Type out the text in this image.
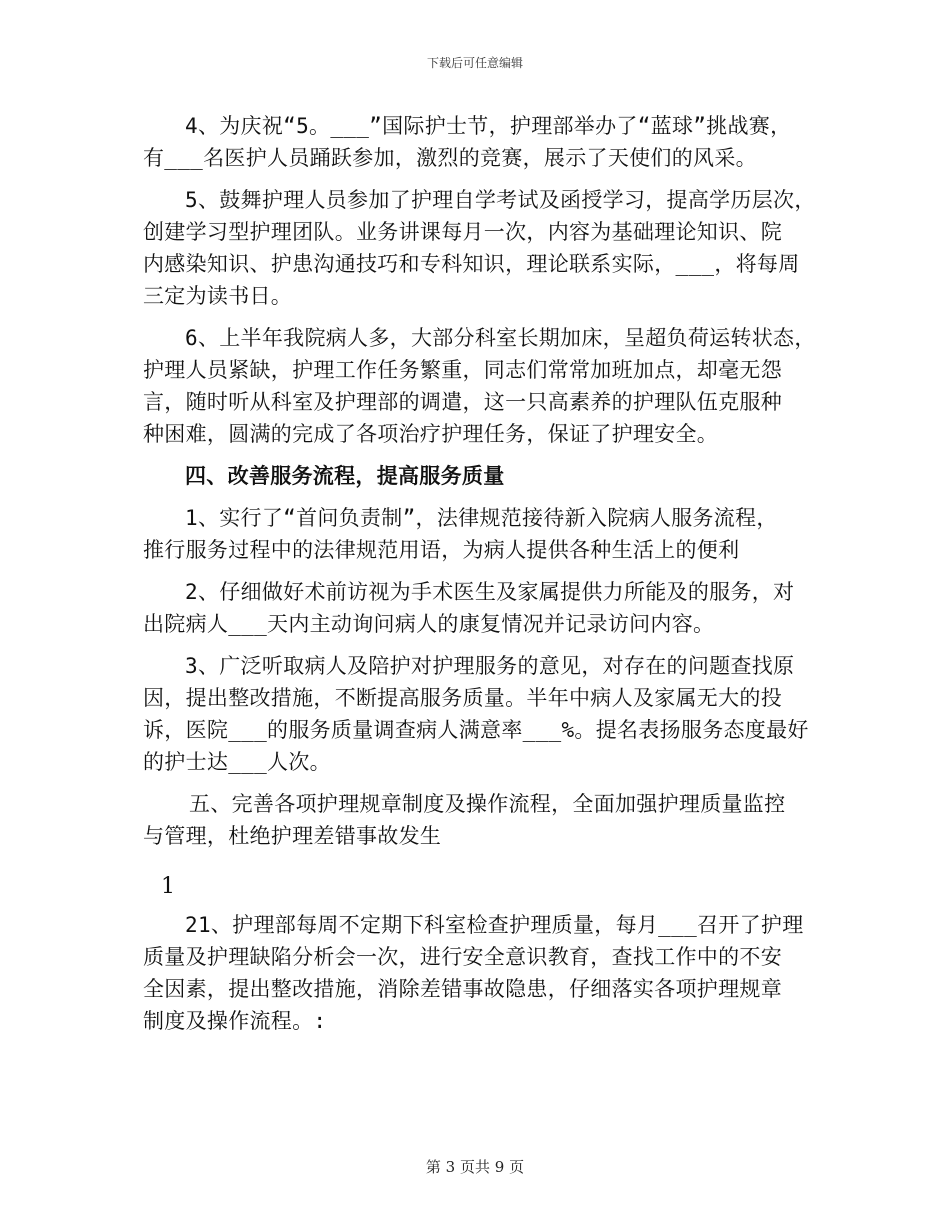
下载后可任意编辑
4、为庆祝“5。___”国际护士节，护理部举办了“蓝球”挑战赛，
有___名医护人员踊跃参加，激烈的竞赛，展示了天使们的风采。
5、鼓舞护理人员参加了护理自学考试及函授学习，提高学历层次，
创建学习型护理团队。业务讲课每月一次，内容为基础理论知识、院
内感染知识、护患沟通技巧和专科知识，理论联系实际，___，将每周
三定为读书日。
6、上半年我院病人多，大部分科室长期加床，呈超负荷运转状态，
护理人员紧缺，护理工作任务繁重，同志们常常加班加点，却毫无怨
言，随时听从科室及护理部的调遣，这一只高素养的护理队伍克服种
种困难，圆满的完成了各项治疗护理任务，保证了护理安全。
四、改善服务流程，提高服务质量
1、实行了“首问负责制”，法律规范接待新入院病人服务流程，
推行服务过程中的法律规范用语，为病人提供各种生活上的便利
2、仔细做好术前访视为手术医生及家属提供力所能及的服务，对
出院病人___天内主动询问病人的康复情况并记录访问内容。
3、广泛听取病人及陪护对护理服务的意见，对存在的问题查找原
因，提出整改措施，不断提高服务质量。半年中病人及家属无大的投
诉，医院___的服务质量调查病人满意率___%。提名表扬服务态度最好
的护士达___人次。
五、完善各项护理规章制度及操作流程，全面加强护理质量监控
与管理，杜绝护理差错事故发生
1
21、护理部每周不定期下科室检查护理质量，每月___召开了护理
质量及护理缺陷分析会一次，进行安全意识教育，查找工作中的不安
全因素，提出整改措施，消除差错事故隐患，仔细落实各项护理规章
制度及操作流程。:
第 3 页共 9 页
